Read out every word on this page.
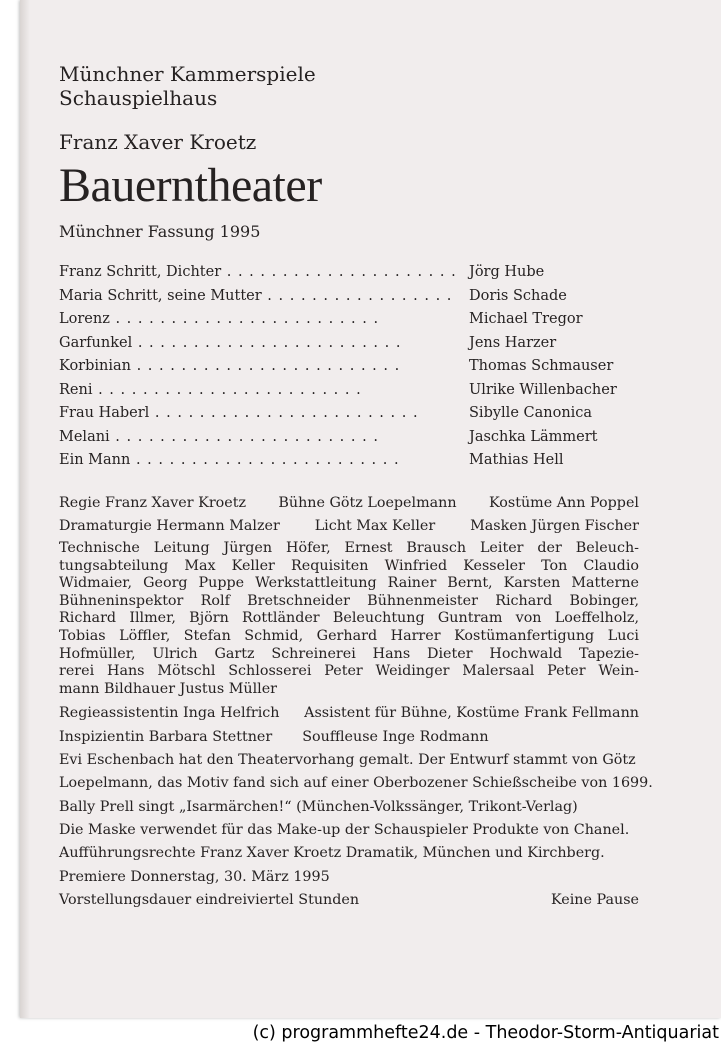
Münchner Kammerspiele
Schauspielhaus
Franz Xaver Kroetz
Bauerntheater
Münchner Fassung 1995
Franz Schritt, Dichter . .	Jörg Hube
Maria Schritt, seine Mutter . .	Doris Schade
Lorenz . .	Michael Tregor
Garfunkel . .	Jens Harzer
Korbinian . .	Thomas Schmauser
Reni . .	Ulrike Willenbacher
Frau Haberl . .	Sibylle Canonica
Melani . .	Jaschka Lämmert
Ein Mann . .	Mathias Hell
Regie Franz Xaver Kroetz Bühne Götz Loepelmann Kostüme Ann Poppel
Dramaturgie Hermann Malzer Licht Max Keller Masken Jürgen Fischer
Technische Leitung Jürgen Höfer, Ernest Brausch Leiter der Beleuch-
tungsabteilung Max Keller Requisiten Winfried Kesseler Ton Claudio
Widmaier, Georg Puppe Werkstattleitung Rainer Bernt, Karsten Matterne
Bühneninspektor Rolf Bretschneider Bühnenmeister Richard Bobinger,
Richard Illmer, Björn Rottländer Beleuchtung Guntram von Loeffelholz,
Tobias Löffler, Stefan Schmid, Gerhard Harrer Kostümanfertigung Luci
Hofmüller, Ulrich Gartz Schreinerei Hans Dieter Hochwald Tapezie-
rerei Hans Mötschl Schlosserei Peter Weidinger Malersaal Peter Wein-
mann Bildhauer Justus Müller
Regieassistentin Inga Helfrich Assistent für Bühne, Kostüme Frank Fellmann
Inspizientin Barbara Stettner Souffleuse Inge Rodmann
Evi Eschenbach hat den Theatervorhang gemalt. Der Entwurf stammt von Götz
Loepelmann, das Motiv fand sich auf einer Oberbozener Schießscheibe von 1699.
Bally Prell singt „Isarmärchen!“ (München-Volkssänger, Trikont-Verlag)
Die Maske verwendet für das Make-up der Schauspieler Produkte von Chanel.
Aufführungsrechte Franz Xaver Kroetz Dramatik, München und Kirchberg.
Premiere Donnerstag, 30. März 1995
Vorstellungsdauer eindreiviertel Stunden	Keine Pause
(c) programmhefte24.de - Theodor-Storm-Antiquariat
